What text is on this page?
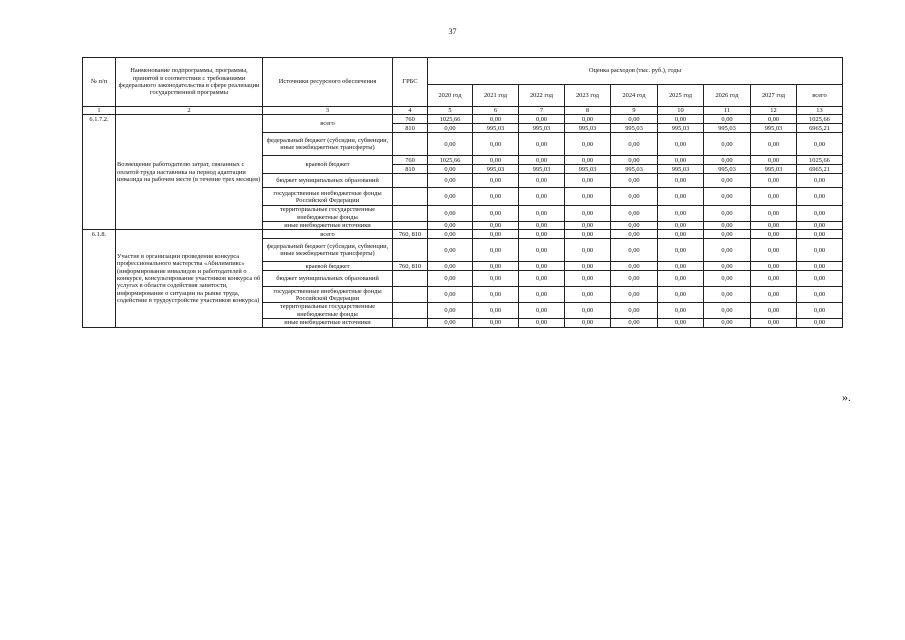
37
№ п/п	Наименование подпрограммы, программы, принятой в соответствии с требованиями федерального законодательства в сфере реализации государственной программы	Источники ресурсного обеспечения	ГРБС	Оценка расходов (тыс. руб.), годы								
				2020 год	2021 год	2022 год	2023 год	2024 год	2025 год	2026 год	2027 год	всего
1	2	3	4	5	6	7	8	9	10	11	12	13
6.1.7.2.	Возмещение работодателю затрат, связанных с оплатой труда наставника на период адаптации инвалида на рабочем месте (в течение трех месяцев)	всего	760	1025,66	0,00	0,00	0,00	0,00	0,00	0,00	0,00	1025,66
			810	0,00	995,03	995,03	995,03	995,03	995,03	995,03	995,03	6965,21
		федеральный бюджет (субсидии, субвенции, иные межбюджетные трансферты)		0,00	0,00	0,00	0,00	0,00	0,00	0,00	0,00	0,00
		краевой бюджет	760	1025,66	0,00	0,00	0,00	0,00	0,00	0,00	0,00	1025,66
			810	0,00	995,03	995,03	995,03	995,03	995,03	995,03	995,03	6965,21
		бюджет муниципальных образований		0,00	0,00	0,00	0,00	0,00	0,00	0,00	0,00	0,00
		государственные внебюджетные фонды Российской Федерации		0,00	0,00	0,00	0,00	0,00	0,00	0,00	0,00	0,00
		территориальные государственные внебюджетные фонды		0,00	0,00	0,00	0,00	0,00	0,00	0,00	0,00	0,00
		иные внебюджетные источники		0,00	0,00	0,00	0,00	0,00	0,00	0,00	0,00	0,00
6.1.8.	Участие в организации проведения конкурса профессионального мастерства «Абилимпикс» (информирование инвалидов и работодателей о конкурсе, консультирование участников конкурса об услугах в области содействия занятости, информирование о ситуации на рынке труда, содействие в трудоустройстве участников конкурса)	всего	760, 810	0,00	0,00	0,00	0,00	0,00	0,00	0,00	0,00	0,00
		федеральный бюджет (субсидии, субвенции, иные межбюджетные трансферты)		0,00	0,00	0,00	0,00	0,00	0,00	0,00	0,00	0,00
		краевой бюджет	760, 810	0,00	0,00	0,00	0,00	0,00	0,00	0,00	0,00	0,00
		бюджет муниципальных образований		0,00	0,00	0,00	0,00	0,00	0,00	0,00	0,00	0,00
		государственные внебюджетные фонды Российской Федерации		0,00	0,00	0,00	0,00	0,00	0,00	0,00	0,00	0,00
		территориальные государственные внебюджетные фонды		0,00	0,00	0,00	0,00	0,00	0,00	0,00	0,00	0,00
		иные внебюджетные источники		0,00	0,00	0,00	0,00	0,00	0,00	0,00	0,00	0,00
».
